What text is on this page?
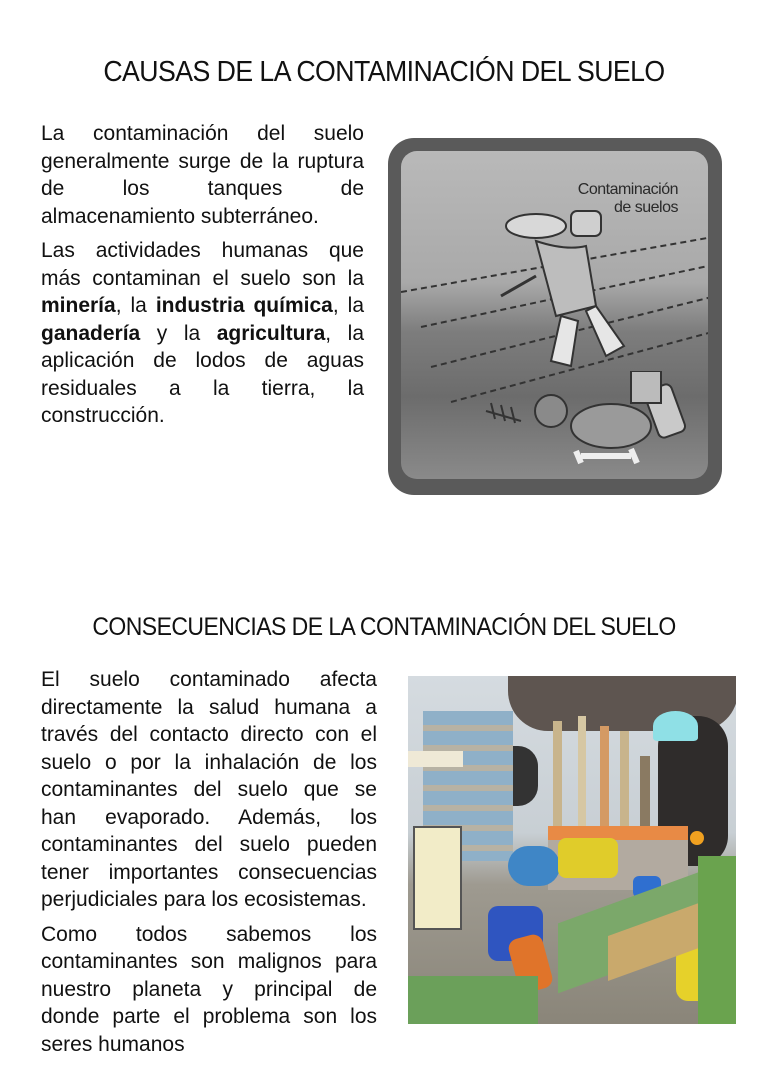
CAUSAS DE LA CONTAMINACIÓN DEL SUELO

La contaminación del suelo generalmente surge de la ruptura de los tanques de almacenamiento subterráneo.

Las actividades humanas que más contaminan el suelo son la minería, la industria química, la ganadería y la agricultura, la aplicación de lodos de aguas residuales a la tierra, la construcción.

Contaminación
de suelos
CONSECUENCIAS DE LA CONTAMINACIÓN DEL SUELO

El suelo contaminado afecta directamente la salud humana a través del contacto directo con el suelo o por la inhalación de los contaminantes del suelo que se han evaporado. Además, los contaminantes del suelo pueden tener importantes consecuencias perjudiciales para los ecosistemas.

Como todos sabemos los contaminantes son malignos para nuestro planeta y principal de donde parte el problema son los seres humanos
